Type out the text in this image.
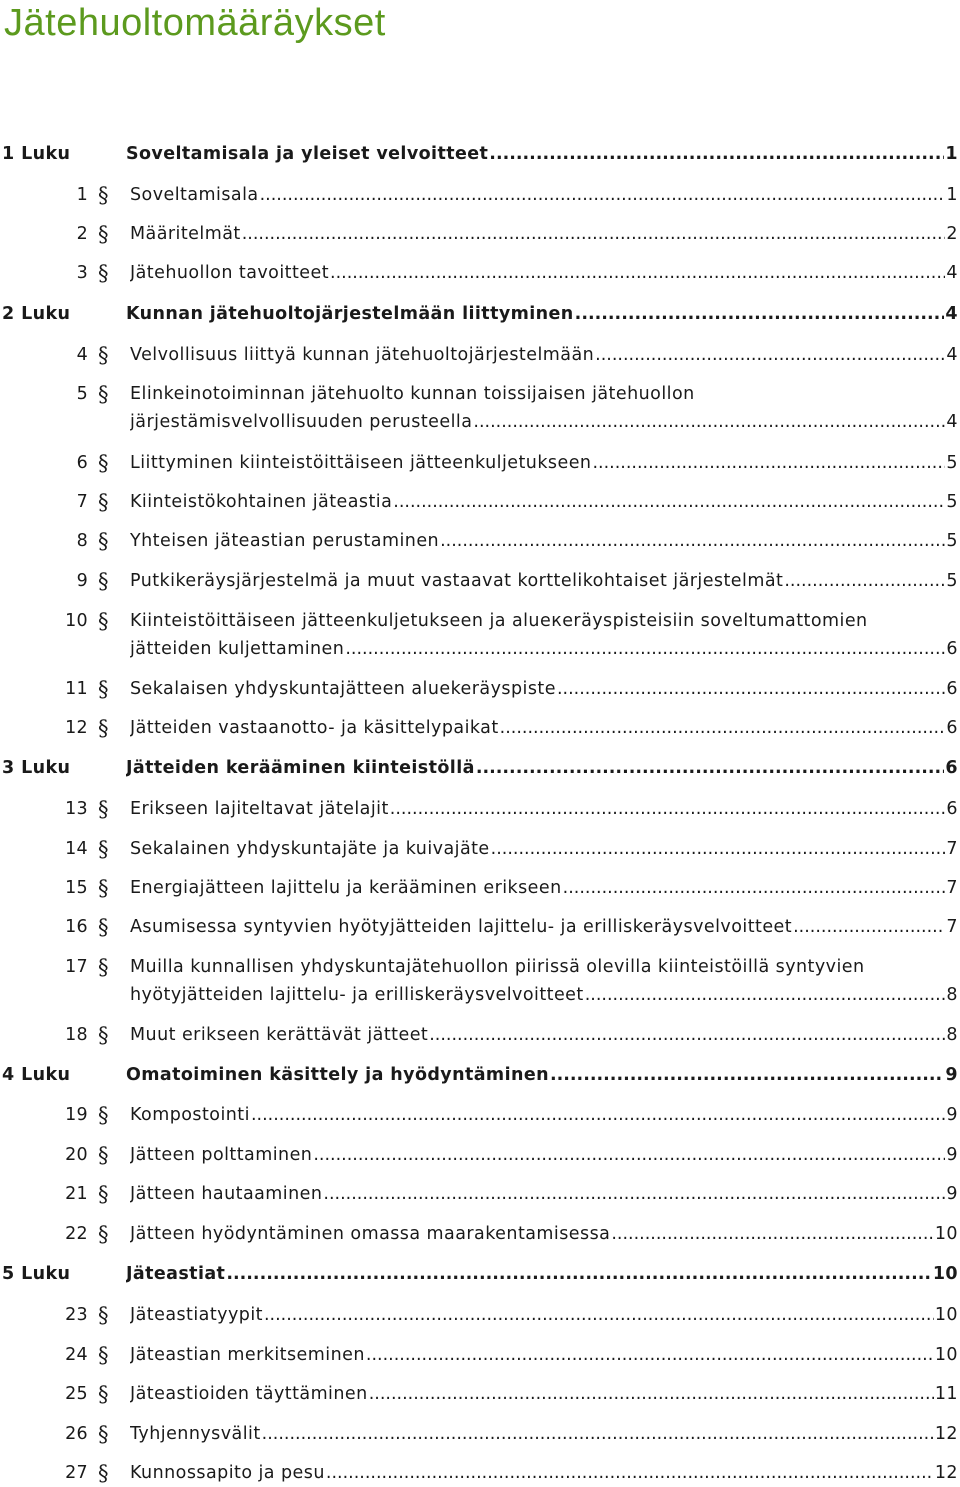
Jätehuoltomääräykset
1 Luku	Soveltamisala ja yleiset velvoitteet .....	1
1 § Soveltamisala .....	1
2 § Määritelmät .....	2
3 § Jätehuollon tavoitteet .....	4
2 Luku	Kunnan jätehuoltojärjestelmään liittyminen .....	4
4 § Velvollisuus liittyä kunnan jätehuoltojärjestelmään .....	4
5 § Elinkeinotoiminnan jätehuolto kunnan toissijaisen jätehuollon
järjestämisvelvollisuuden perusteella .....	4
6 § Liittyminen kiinteistöittäiseen jätteenkuljetukseen .....	5
7 § Kiinteistökohtainen jäteastia .....	5
8 § Yhteisen jäteastian perustaminen .....	5
9 § Putkikeräysjärjestelmä ja muut vastaavat korttelikohtaiset järjestelmät .....	5
10 § Kiinteistöittäiseen jätteenkuljetukseen ja alueкeräyspisteisiin soveltumattomien
jätteiden kuljettaminen .....	6
11 § Sekalaisen yhdyskuntajätteen aluekeräyspiste .....	6
12 § Jätteiden vastaanotto- ja käsittelypaikat .....	6
3 Luku	Jätteiden kerääminen kiinteistöllä .....	6
13 § Erikseen lajiteltavat jätelajit .....	6
14 § Sekalainen yhdyskuntajäte ja kuivajäte .....	7
15 § Energiajätteen lajittelu ja kerääminen erikseen .....	7
16 § Asumisessa syntyvien hyötyjätteiden lajittelu- ja erilliskeräysvelvoitteet .....	7
17 § Muilla kunnallisen yhdyskuntajätehuollon piirissä olevilla kiinteistöillä syntyvien
hyötyjätteiden lajittelu- ja erilliskeräysvelvoitteet .....	8
18 § Muut erikseen kerättävät jätteet .....	8
4 Luku	Omatoiminen käsittely ja hyödyntäminen .....	9
19 § Kompostointi .....	9
20 § Jätteen polttaminen .....	9
21 § Jätteen hautaaminen .....	9
22 § Jätteen hyödyntäminen omassa maarakentamisessa .....	10
5 Luku	Jäteastiat .....	10
23 § Jäteastiatyypit .....	10
24 § Jäteastian merkitseminen .....	10
25 § Jäteastioiden täyttäminen .....	11
26 § Tyhjennysvälit .....	12
27 § Kunnossapito ja pesu .....	12
